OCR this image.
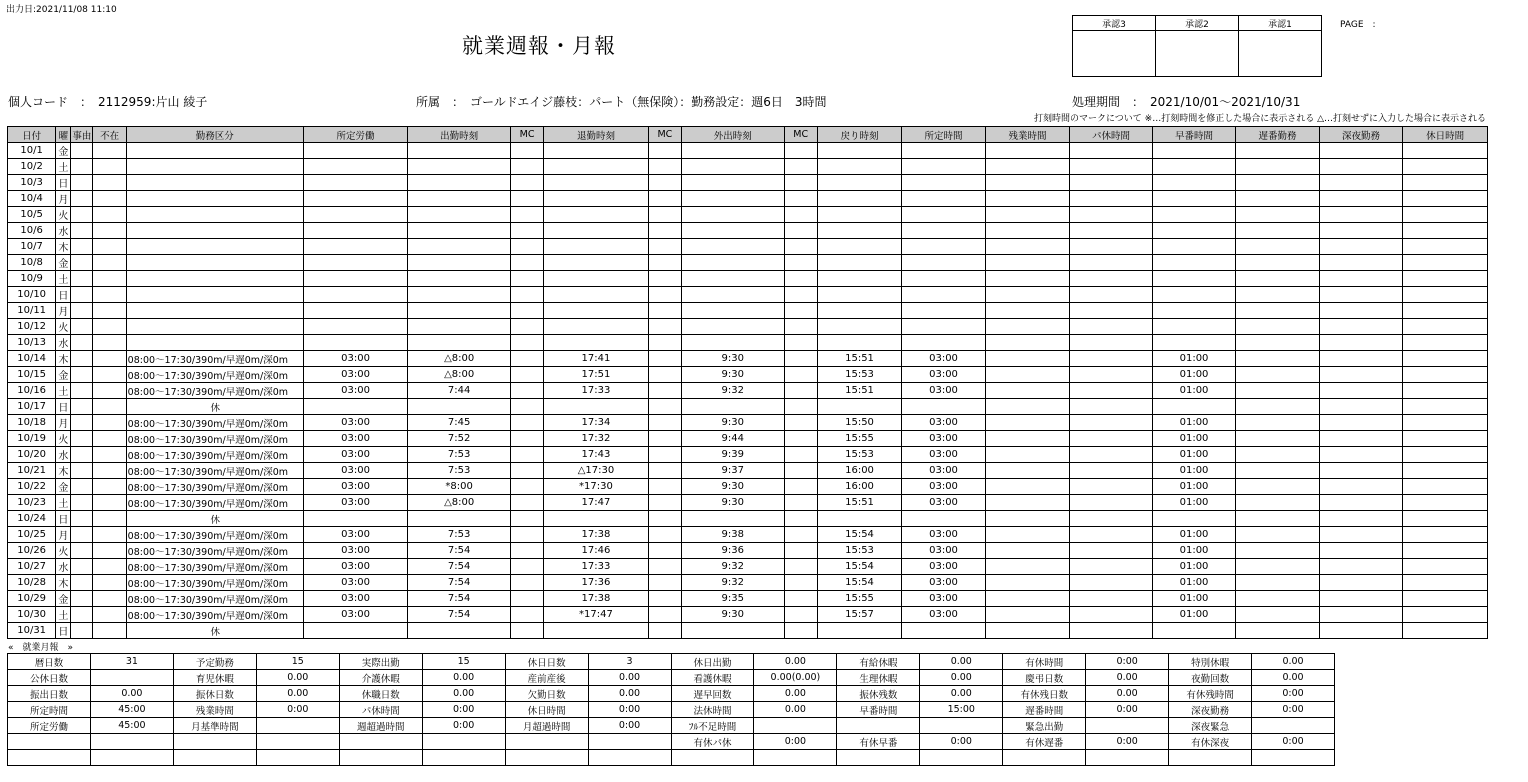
出力日:2021/11/08 11:10
就業週報・月報
承認3	承認2	承認1
			PAGE　:
個人コード　：　2112959:片山 綾子	所属　：　ゴールドエイジ藤枝：パート（無保険）：勤務設定：週6日　3時間	処理期間　：　2021/10/01～2021/10/31
打刻時間のマークについて ※…打刻時間を修正した場合に表示される △…打刻せずに入力した場合に表示される
日付	曜	事由	不在	勤務区分	所定労働	出勤時刻	MC	退勤時刻	MC	外出時刻	MC	戻り時刻	所定時間	残業時間	パ休時間	早番時間	遅番勤務	深夜勤務	休日時間
10/1	金																		
10/2	土																		
10/3	日																		
10/4	月																		
10/5	火																		
10/6	水																		
10/7	木																		
10/8	金																		
10/9	土																		
10/10	日																		
10/11	月																		
10/12	火																		
10/13	水																		
10/14	木			08:00～17:30/390m/早遅0m/深0m	03:00	△8:00		17:41		9:30		15:51	03:00			01:00			
10/15	金			08:00～17:30/390m/早遅0m/深0m	03:00	△8:00		17:51		9:30		15:53	03:00			01:00			
10/16	土			08:00～17:30/390m/早遅0m/深0m	03:00	7:44		17:33		9:32		15:51	03:00			01:00			
10/17	日			休															
10/18	月			08:00～17:30/390m/早遅0m/深0m	03:00	7:45		17:34		9:30		15:50	03:00			01:00			
10/19	火			08:00～17:30/390m/早遅0m/深0m	03:00	7:52		17:32		9:44		15:55	03:00			01:00			
10/20	水			08:00～17:30/390m/早遅0m/深0m	03:00	7:53		17:43		9:39		15:53	03:00			01:00			
10/21	木			08:00～17:30/390m/早遅0m/深0m	03:00	7:53		△17:30		9:37		16:00	03:00			01:00			
10/22	金			08:00～17:30/390m/早遅0m/深0m	03:00	*8:00		*17:30		9:30		16:00	03:00			01:00			
10/23	土			08:00～17:30/390m/早遅0m/深0m	03:00	△8:00		17:47		9:30		15:51	03:00			01:00			
10/24	日			休															
10/25	月			08:00～17:30/390m/早遅0m/深0m	03:00	7:53		17:38		9:38		15:54	03:00			01:00			
10/26	火			08:00～17:30/390m/早遅0m/深0m	03:00	7:54		17:46		9:36		15:53	03:00			01:00			
10/27	水			08:00～17:30/390m/早遅0m/深0m	03:00	7:54		17:33		9:32		15:54	03:00			01:00			
10/28	木			08:00～17:30/390m/早遅0m/深0m	03:00	7:54		17:36		9:32		15:54	03:00			01:00			
10/29	金			08:00～17:30/390m/早遅0m/深0m	03:00	7:54		17:38		9:35		15:55	03:00			01:00			
10/30	土			08:00～17:30/390m/早遅0m/深0m	03:00	7:54		*17:47		9:30		15:57	03:00			01:00			
10/31	日			休															
«　就業月報　»
暦日数	31	予定勤務	15	実際出勤	15	休日日数	3	休日出勤	0.00	有給休暇	0.00	有休時間	0:00	特別休暇	0.00
公休日数		育児休暇	0.00	介護休暇	0.00	産前産後	0.00	看護休暇	0.00(0.00)	生理休暇	0.00	慶弔日数	0.00	夜勤回数	0.00
振出日数	0.00	振休日数	0.00	休職日数	0.00	欠勤日数	0.00	遅早回数	0.00	振休残数	0.00	有休残日数	0.00	有休残時間	0:00
所定時間	45:00	残業時間	0:00	パ休時間	0:00	休日時間	0:00	法休時間	0.00	早番時間	15:00	遅番時間	0:00	深夜勤務	0:00
所定労働	45:00	月基準時間		週超過時間	0:00	月超過時間	0:00	ﾌﾙ不足時間				緊急出勤		深夜緊急	
								有休パ休	0:00	有休早番	0:00	有休遅番	0:00	有休深夜	0:00
